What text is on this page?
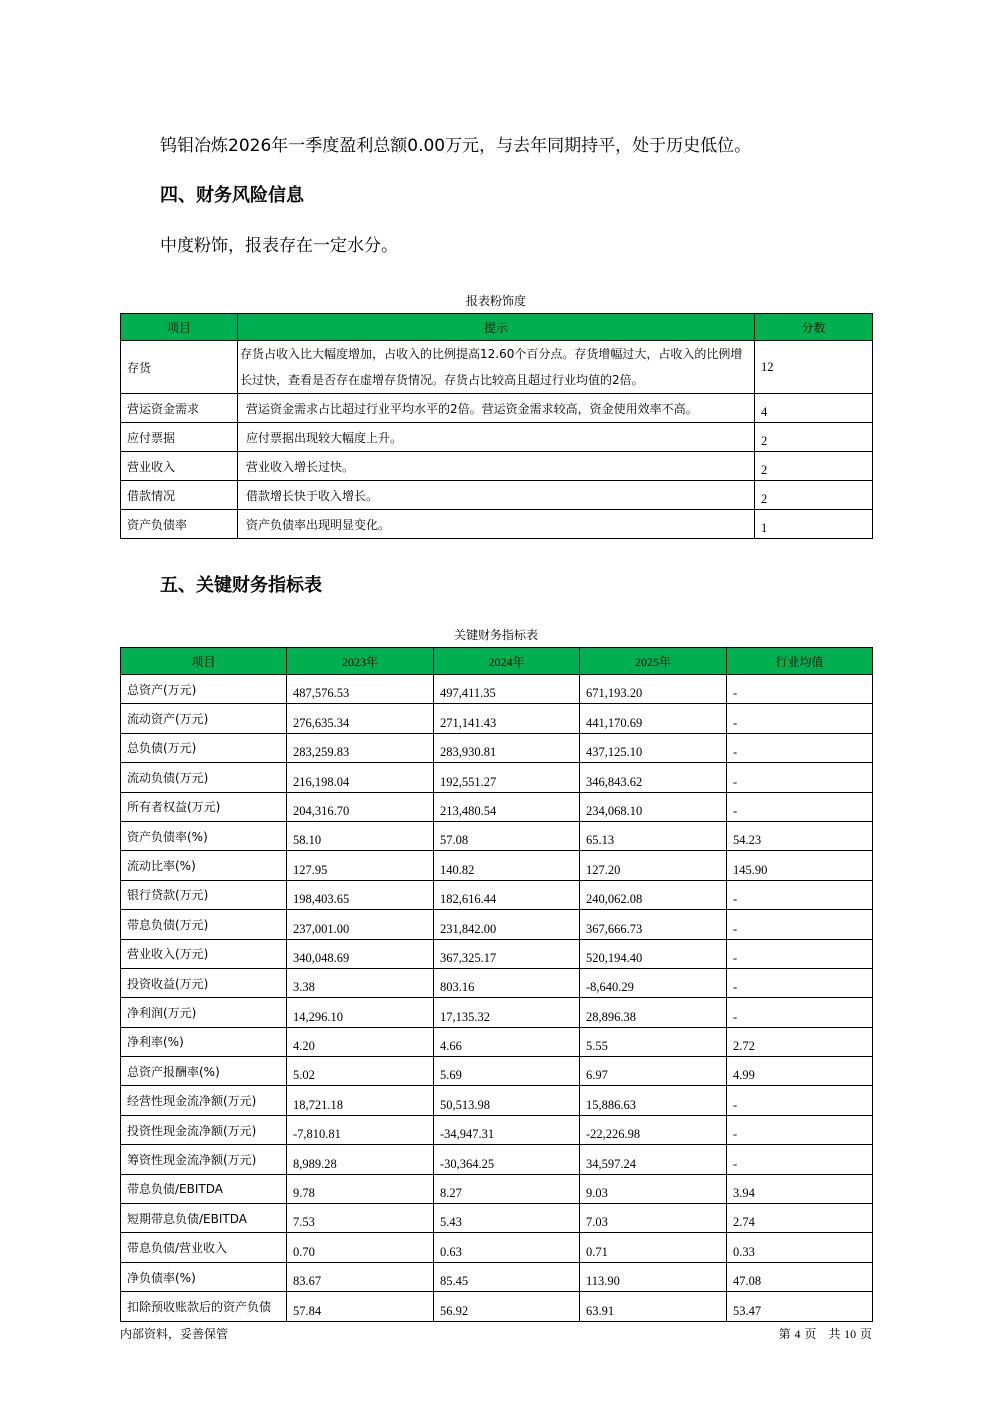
钨钼冶炼2026年一季度盈利总额0.00万元，与去年同期持平，处于历史低位。
四、财务风险信息
中度粉饰，报表存在一定水分。
报表粉饰度
项目	提示	分数
存货	存货占收入比大幅度增加，占收入的比例提高12.60个百分点。存货增幅过大，占收入的比例增长过快，查看是否存在虚增存货情况。存货占比较高且超过行业均值的2倍。	12
营运资金需求	营运资金需求占比超过行业平均水平的2倍。营运资金需求较高，资金使用效率不高。	4
应付票据	应付票据出现较大幅度上升。	2
营业收入	营业收入增长过快。	2
借款情况	借款增长快于收入增长。	2
资产负债率	资产负债率出现明显变化。	1
五、关键财务指标表
关键财务指标表
项目	2023年	2024年	2025年	行业均值
总资产(万元)	487,576.53	497,411.35	671,193.20	-
流动资产(万元)	276,635.34	271,141.43	441,170.69	-
总负债(万元)	283,259.83	283,930.81	437,125.10	-
流动负债(万元)	216,198.04	192,551.27	346,843.62	-
所有者权益(万元)	204,316.70	213,480.54	234,068.10	-
资产负债率(%)	58.10	57.08	65.13	54.23
流动比率(%)	127.95	140.82	127.20	145.90
银行贷款(万元)	198,403.65	182,616.44	240,062.08	-
带息负债(万元)	237,001.00	231,842.00	367,666.73	-
营业收入(万元)	340,048.69	367,325.17	520,194.40	-
投资收益(万元)	3.38	803.16	-8,640.29	-
净利润(万元)	14,296.10	17,135.32	28,896.38	-
净利率(%)	4.20	4.66	5.55	2.72
总资产报酬率(%)	5.02	5.69	6.97	4.99
经营性现金流净额(万元)	18,721.18	50,513.98	15,886.63	-
投资性现金流净额(万元)	-7,810.81	-34,947.31	-22,226.98	-
筹资性现金流净额(万元)	8,989.28	-30,364.25	34,597.24	-
带息负债/EBITDA	9.78	8.27	9.03	3.94
短期带息负债/EBITDA	7.53	5.43	7.03	2.74
带息负债/营业收入	0.70	0.63	0.71	0.33
净负债率(%)	83.67	85.45	113.90	47.08
扣除预收账款后的资产负债	57.84	56.92	63.91	53.47
内部资料，妥善保管	第 4 页　共 10 页
